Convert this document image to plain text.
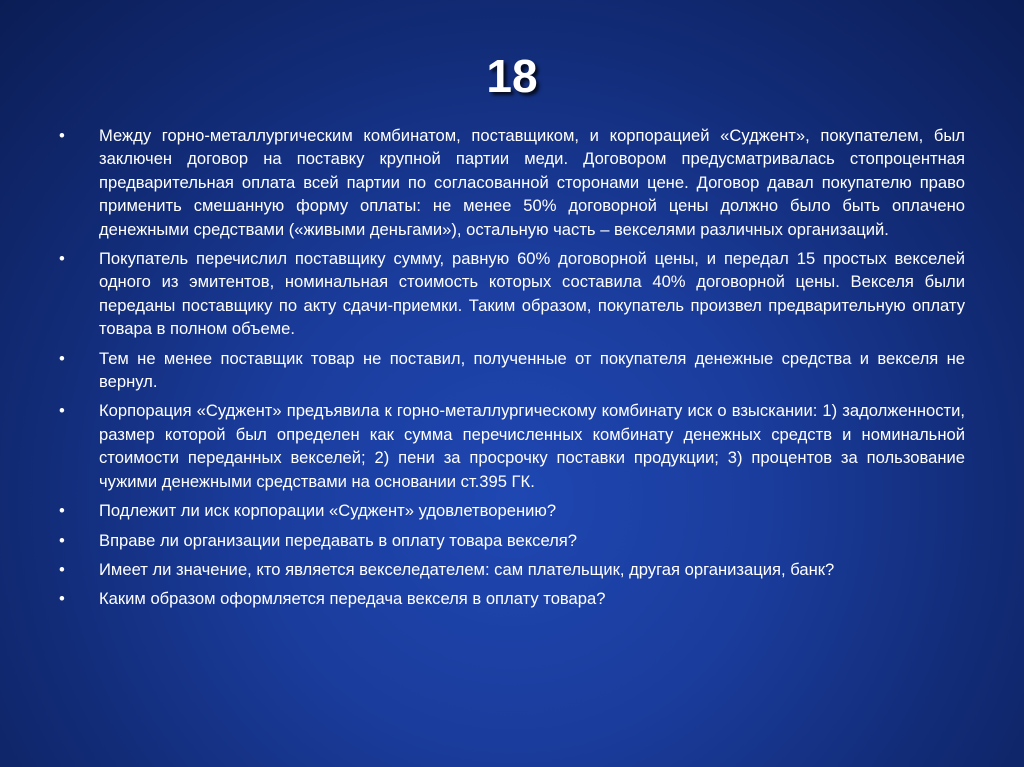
18
•	Между горно-металлургическим комбинатом, поставщиком, и корпорацией «Суджент», покупателем, был заключен договор на поставку крупной партии меди. Договором предусматривалась стопроцентная предварительная оплата всей партии по согласованной сторонами цене. Договор давал покупателю право применить смешанную форму оплаты: не менее 50% договорной цены должно было быть оплачено денежными средствами («живыми деньгами»), остальную часть – векселями различных организаций.
•	Покупатель перечислил поставщику сумму, равную 60% договорной цены, и передал 15 простых векселей одного из эмитентов, номинальная стоимость которых составила 40% договорной цены. Векселя были переданы поставщику по акту сдачи-приемки. Таким образом, покупатель произвел предварительную оплату товара в полном объеме.
•	Тем не менее поставщик товар не поставил, полученные от покупателя денежные средства и векселя не вернул.
•	Корпорация «Суджент» предъявила к горно-металлургическому комбинату иск о взыскании: 1) задолженности, размер которой был определен как сумма перечисленных комбинату денежных средств и номинальной стоимости переданных векселей; 2) пени за просрочку поставки продукции; 3) процентов за пользование чужими денежными средствами на основании ст.395 ГК.
•	Подлежит ли иск корпорации «Суджент» удовлетворению?
•	Вправе ли организации передавать в оплату товара векселя?
•	Имеет ли значение, кто является векселедателем: сам плательщик, другая организация, банк?
•	Каким образом оформляется передача векселя в оплату товара?
